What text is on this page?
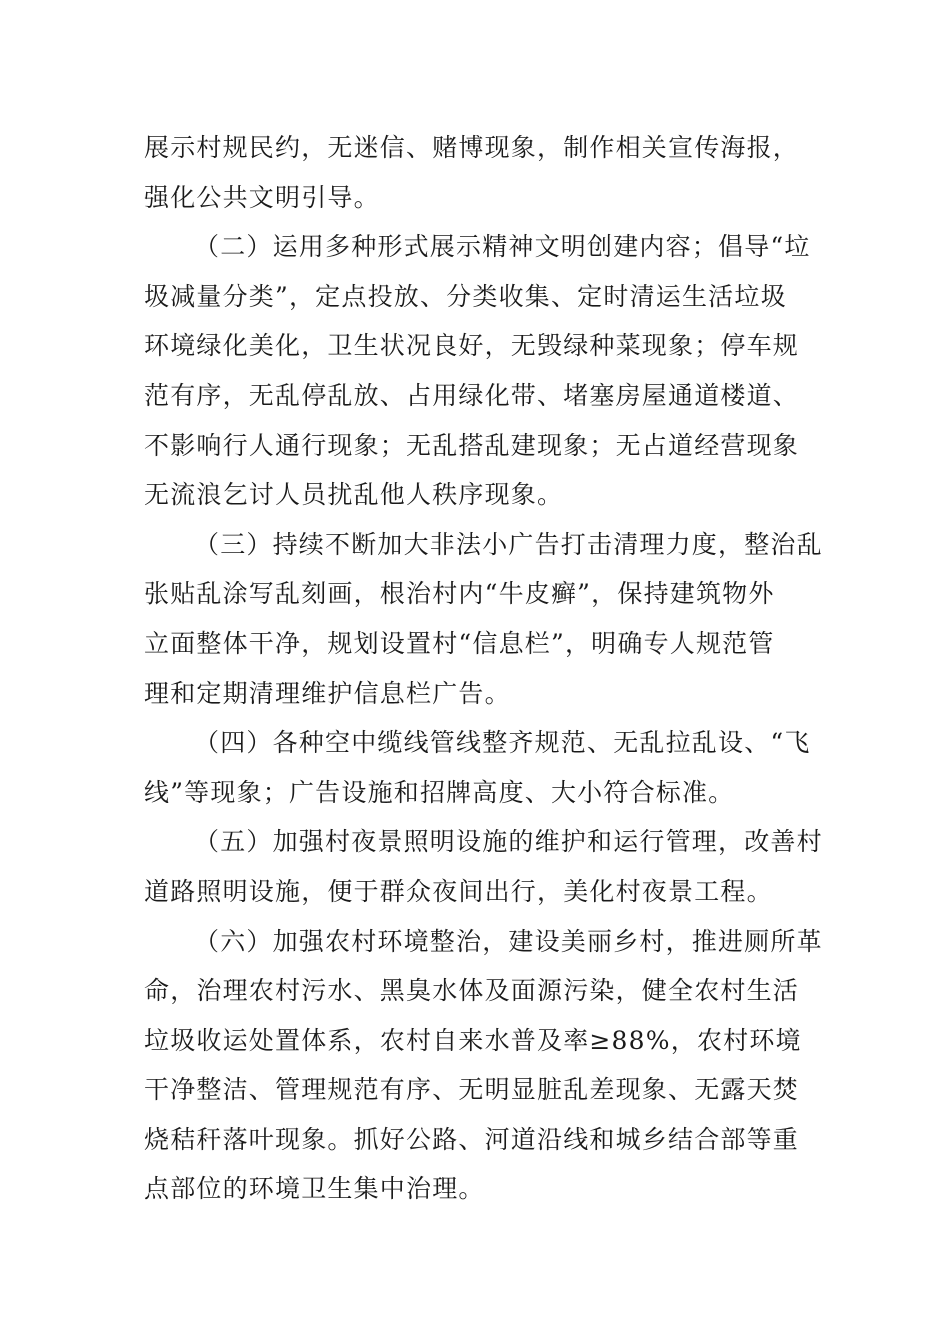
展示村规民约，无迷信、赌博现象，制作相关宣传海报，
强化公共文明引导。
（二）运用多种形式展示精神文明创建内容；倡导“垃
圾减量分类”，定点投放、分类收集、定时清运生活垃圾
环境绿化美化，卫生状况良好，无毁绿种菜现象；停车规
范有序，无乱停乱放、占用绿化带、堵塞房屋通道楼道、
不影响行人通行现象；无乱搭乱建现象；无占道经营现象
无流浪乞讨人员扰乱他人秩序现象。
（三）持续不断加大非法小广告打击清理力度，整治乱
张贴乱涂写乱刻画，根治村内“牛皮癣”，保持建筑物外
立面整体干净，规划设置村“信息栏”，明确专人规范管
理和定期清理维护信息栏广告。
（四）各种空中缆线管线整齐规范、无乱拉乱设、“飞
线”等现象；广告设施和招牌高度、大小符合标准。
（五）加强村夜景照明设施的维护和运行管理，改善村
道路照明设施，便于群众夜间出行，美化村夜景工程。
（六）加强农村环境整治，建设美丽乡村，推进厕所革
命，治理农村污水、黑臭水体及面源污染，健全农村生活
垃圾收运处置体系，农村自来水普及率≥88%，农村环境
干净整洁、管理规范有序、无明显脏乱差现象、无露天焚
烧秸秆落叶现象。抓好公路、河道沿线和城乡结合部等重
点部位的环境卫生集中治理。
